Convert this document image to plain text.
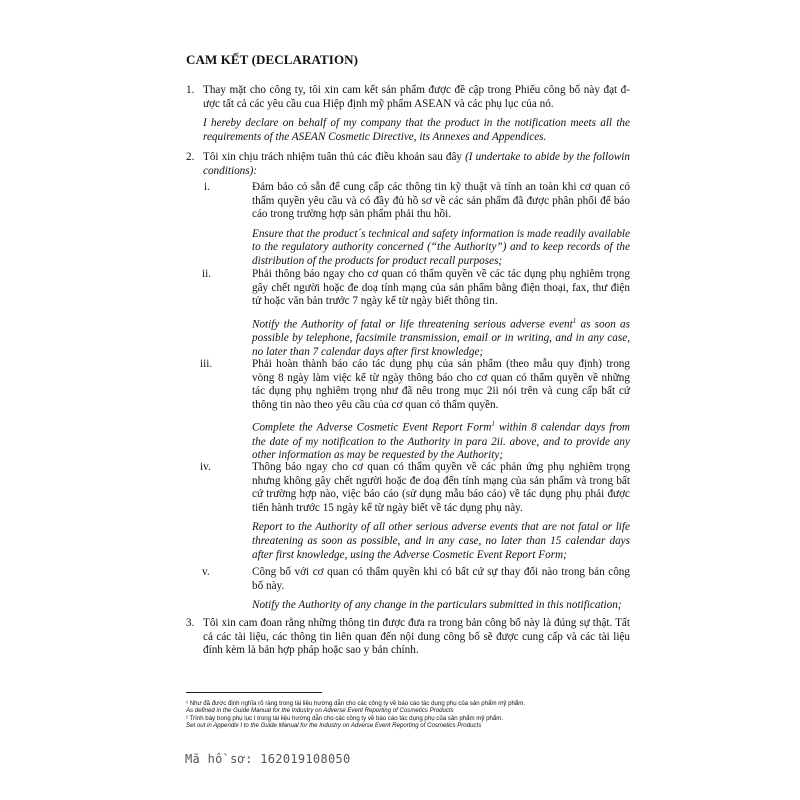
CAM KẾT (DECLARATION)
1. Thay mặt cho công ty, tôi xin cam kết sản phẩm được đề cập trong Phiếu công bố này đạt đ-ược tất cả các yêu cầu cua Hiệp định mỹ phẩm ASEAN và các phụ lục của nó.

I hereby declare on behalf of my company that the product in the notification meets all the requirements of the ASEAN Cosmetic Directive, its Annexes and Appendices.

2. Tôi xin chịu trách nhiệm tuân thủ các điều khoản sau đây (I undertake to abide by the followin conditions):

i.	Đảm bảo có sẵn để cung cấp các thông tin kỹ thuật và tính an toàn khi cơ quan có thẩm quyền yêu cầu và có đầy đủ hồ sơ về các sản phẩm đã được phân phối để báo cáo trong trường hợp sản phẩm phải thu hồi.

Ensure that the product´s technical and safety information is made readily available to the regulatory authority concerned (“the Authority”) and to keep records of the distribution of the products for product recall purposes;

ii.	Phải thông báo ngay cho cơ quan có thẩm quyền về các tác dụng phụ nghiêm trọng gây chết người hoặc đe doạ tính mạng của sản phẩm bằng điện thoại, fax, thư điện tử hoặc văn bản trước 7 ngày kể từ ngày biết thông tin.

Notify the Authority of fatal or life threatening serious adverse event$^1$ as soon as possible by telephone, facsimile transmission, email or in writing, and in any case, no later than 7 calendar days after first knowledge;

iii.	Phải hoàn thành báo cáo tác dụng phụ của sản phẩm (theo mẫu quy định) trong vòng 8 ngày làm việc kể từ ngày thông báo cho cơ quan có thẩm quyền về những tác dụng phụ nghiêm trọng như đã nêu trong mục 2ii nói trên và cung cấp bất cứ thông tin nào theo yêu cầu của cơ quan có thẩm quyền.

Complete the Adverse Cosmetic Event Report Form$^1$ within 8 calendar days from the date of my notification to the Authority in para 2ii. above, and to provide any other information as may be requested by the Authority;

iv.	Thông báo ngay cho cơ quan có thẩm quyền về các phản ứng phụ nghiêm trọng nhưng không gây chết người hoặc đe doạ đến tính mạng của sản phẩm và trong bất cứ trường hợp nào, việc báo cáo (sử dụng mẫu báo cáo) về tác dụng phụ phải được tiến hành trước 15 ngày kể từ ngày biết về tác dụng phụ này.

Report to the Authority of all other serious adverse events that are not fatal or life threatening as soon as possible, and in any case, no later than 15 calendar days after first knowledge, using the Adverse Cosmetic Event Report Form;

v.	Công bố với cơ quan có thẩm quyền khi có bất cứ sự thay đổi nào trong bản công bố này.

Notify the Authority of any change in the particulars submitted in this notification;

3. Tôi xin cam đoan rằng những thông tin được đưa ra trong bản công bố này là đúng sự thật. Tất cả các tài liệu, các thông tin liên quan đến nội dung công bố sẽ được cung cấp và các tài liệu đính kèm là bản hợp pháp hoặc sao y bản chính.

¹ Như đã được định nghĩa rõ ràng trong tài liệu hướng dẫn cho các công ty về báo cáo tác dụng phụ của sản phẩm mỹ phẩm.
As defined in the Guide Manual for the Industry on Adverse Event Reporting of Cosmetics Products
¹ Trình bày trong phụ lục I trong tài liệu hướng dẫn cho các công ty về báo cáo tác dụng phụ của sản phẩm mỹ phẩm.
Set out in Appendix I to the Guide Manual for the Industry on Adverse Event Reporting of Cosmetics Products
Mã hồ sơ: 162019108050
